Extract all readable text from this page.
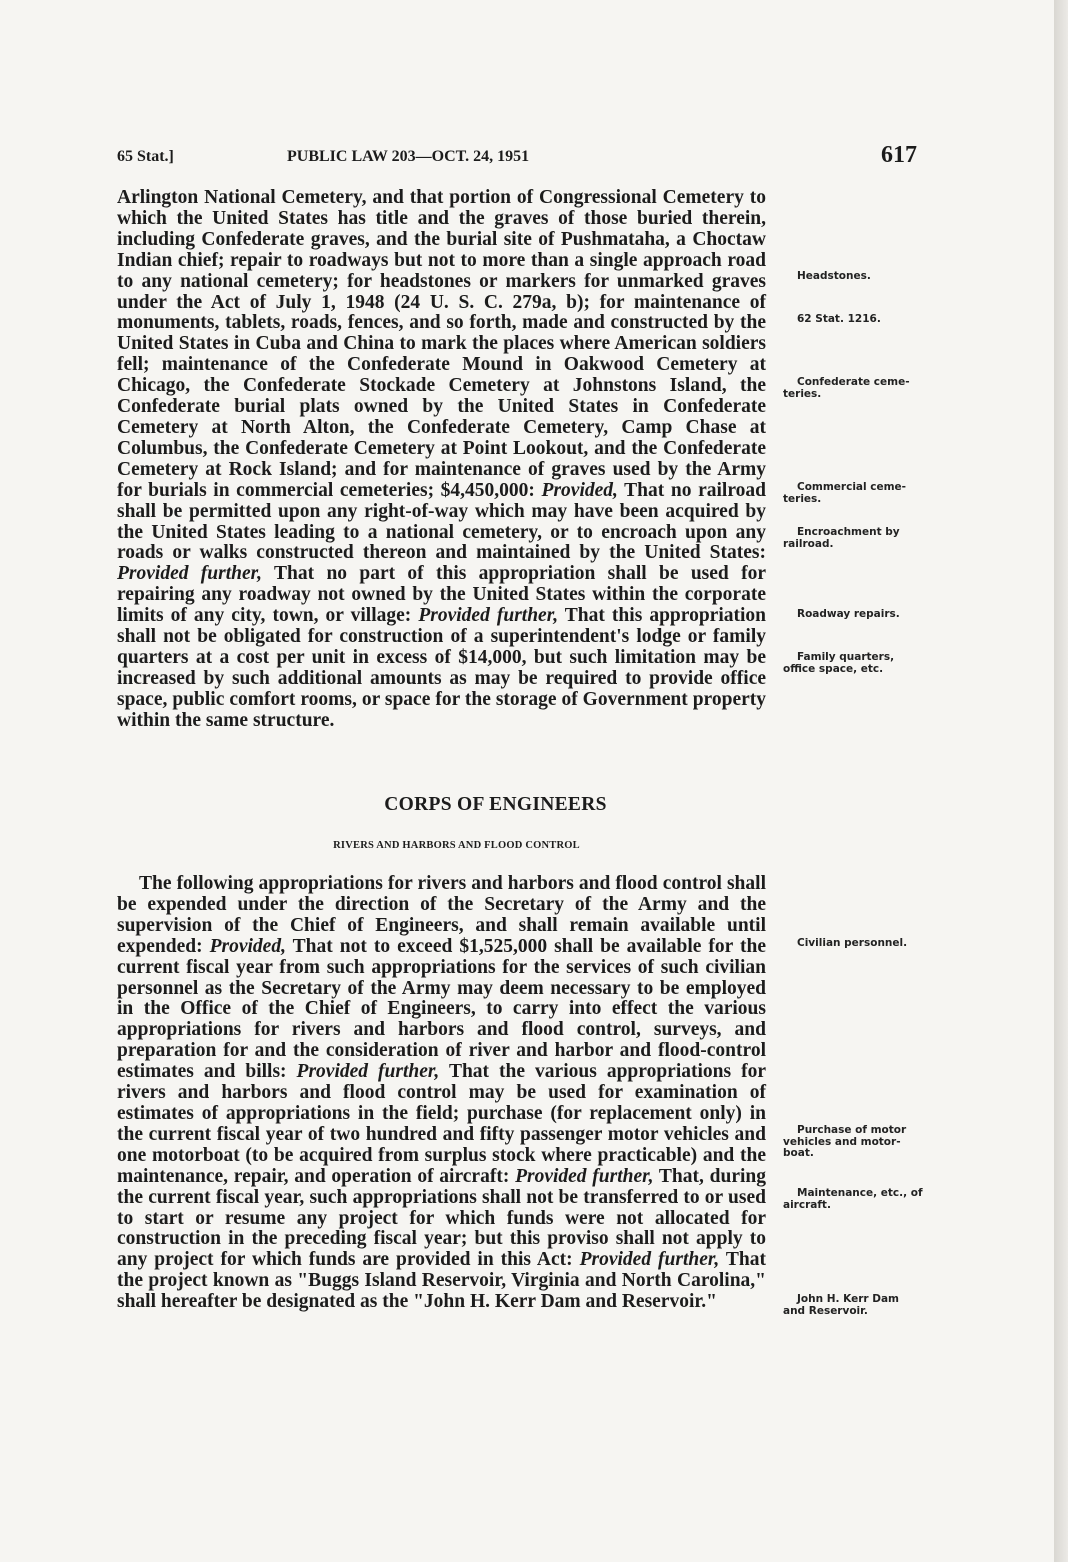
65 Stat.]	PUBLIC LAW 203—OCT. 24, 1951	617

Arlington National Cemetery, and that portion of Congressional Cemetery to which the United States has title and the graves of those buried therein, including Confederate graves, and the burial site of Pushmataha, a Choctaw Indian chief; repair to roadways but not to more than a single approach road to any national cemetery; for headstones or markers for unmarked graves under the Act of July 1, 1948 (24 U. S. C. 279a, b); for maintenance of monuments, tablets, roads, fences, and so forth, made and constructed by the United States in Cuba and China to mark the places where American soldiers fell; maintenance of the Confederate Mound in Oakwood Cemetery at Chicago, the Confederate Stockade Cemetery at Johnstons Island, the Confederate burial plats owned by the United States in Confederate Cemetery at North Alton, the Confederate Cemetery, Camp Chase at Columbus, the Confederate Cemetery at Point Lookout, and the Confederate Cemetery at Rock Island; and for maintenance of graves used by the Army for burials in commercial cemeteries; $4,450,000: Provided, That no railroad shall be permitted upon any right-of-way which may have been acquired by the United States leading to a national cemetery, or to encroach upon any roads or walks constructed thereon and maintained by the United States: Provided further, That no part of this appropriation shall be used for repairing any roadway not owned by the United States within the corporate limits of any city, town, or village: Provided further, That this appropriation shall not be obligated for construction of a superintendent's lodge or family quarters at a cost per unit in excess of $14,000, but such limitation may be increased by such additional amounts as may be required to provide office space, public comfort rooms, or space for the storage of Government property within the same structure.

CORPS OF ENGINEERS
RIVERS AND HARBORS AND FLOOD CONTROL

The following appropriations for rivers and harbors and flood control shall be expended under the direction of the Secretary of the Army and the supervision of the Chief of Engineers, and shall remain available until expended: Provided, That not to exceed $1,525,000 shall be available for the current fiscal year from such appropriations for the services of such civilian personnel as the Secretary of the Army may deem necessary to be employed in the Office of the Chief of Engineers, to carry into effect the various appropriations for rivers and harbors and flood control, surveys, and preparation for and the consideration of river and harbor and flood-control estimates and bills: Provided further, That the various appropriations for rivers and harbors and flood control may be used for examination of estimates of appropriations in the field; purchase (for replacement only) in the current fiscal year of two hundred and fifty passenger motor vehicles and one motorboat (to be acquired from surplus stock where practicable) and the maintenance, repair, and operation of aircraft: Provided further, That, during the current fiscal year, such appropriations shall not be transferred to or used to start or resume any project for which funds were not allocated for construction in the preceding fiscal year; but this proviso shall not apply to any project for which funds are provided in this Act: Provided further, That the project known as "Buggs Island Reservoir, Virginia and North Carolina," shall hereafter be designated as the "John H. Kerr Dam and Reservoir."

Headstones.
62 Stat. 1216.
Confederate ceme-
teries.
Commercial ceme-
teries.
Encroachment by
railroad.
Roadway repairs.
Family quarters,
office space, etc.
Civilian personnel.
Purchase of motor
vehicles and motor-
boat.
Maintenance, etc., of
aircraft.
John H. Kerr Dam
and Reservoir.
